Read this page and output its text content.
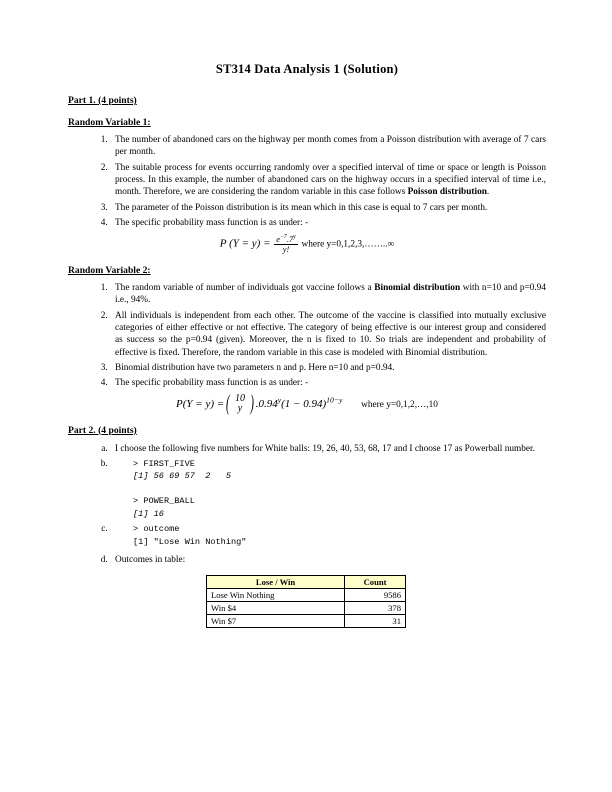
ST314 Data Analysis 1 (Solution)
Part 1. (4 points)
Random Variable 1:
1. The number of abandoned cars on the highway per month comes from a Poisson distribution with average of 7 cars per month.
2. The suitable process for events occurring randomly over a specified interval of time or space or length is Poisson process. In this example, the number of abandoned cars on the highway occurs in a specified interval of time i.e., month. Therefore, we are considering the random variable in this case follows Poisson distribution.
3. The parameter of the Poisson distribution is its mean which in this case is equal to 7 cars per month.
4. The specific probability mass function is as under: -
P $(Y = y) = \frac{e^{-7}.7^y}{y!}$ where y=0,1,2,3,……..∞
Random Variable 2:
1. The random variable of number of individuals got vaccine follows a Binomial distribution with n=10 and p=0.94 i.e., 94%.
2. All individuals is independent from each other. The outcome of the vaccine is classified into mutually exclusive categories of either effective or not effective. The category of being effective is our interest group and considered as success so the p=0.94 (given). Moreover, the n is fixed to 10. So trials are independent and probability of effective is fixed. Therefore, the random variable in this case is modeled with Binomial distribution.
3. Binomial distribution have two parameters n and p. Here n=10 and p=0.94.
4. The specific probability mass function is as under: -
P(Y = y) = ( 10
y ) $.0.94^y(1 - 0.94)^{10-y}$ where y=0,1,2,…,10
Part 2. (4 points)
a. I choose the following five numbers for White balls: 19, 26, 40, 53, 68, 17 and I choose 17 as Powerball number.
b. > FIRST_FIVE
[1] 56 69 57  2   5

> POWER_BALL
[1] 16
c. > outcome
[1] "Lose Win Nothing"
d. Outcomes in table:
Lose / Win	Count
Lose Win Nothing	9586
Win $4	378
Win $7	31
